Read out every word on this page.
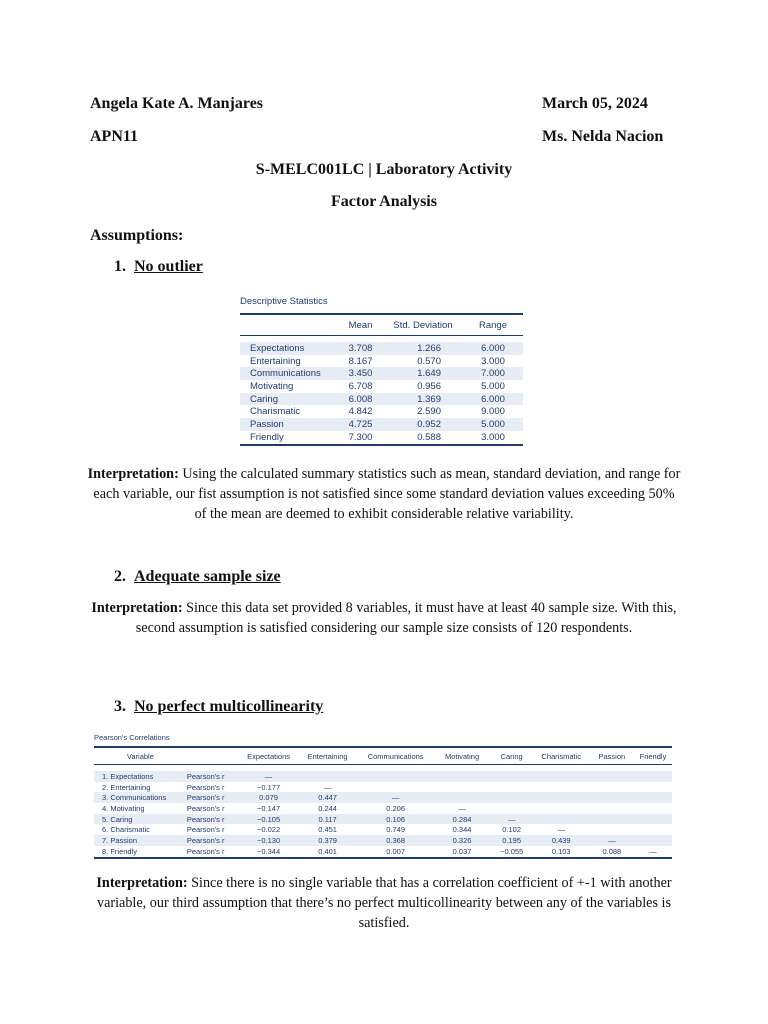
Angela Kate A. Manjares	March 05, 2024
APN11	Ms. Nelda Nacion
S-MELC001LC | Laboratory Activity
Factor Analysis
Assumptions:
1. No outlier
Descriptive Statistics
	Mean	Std. Deviation	Range

Expectations	3.708	1.266	6.000
Entertaining	8.167	0.570	3.000
Communications	3.450	1.649	7.000
Motivating	6.708	0.956	5.000
Caring	6.008	1.369	6.000
Charismatic	4.842	2.590	9.000
Passion	4.725	0.952	5.000
Friendly	7.300	0.588	3.000
Interpretation: Using the calculated summary statistics such as mean, standard deviation, and range for each variable, our fist assumption is not satisfied since some standard deviation values exceeding 50% of the mean are deemed to exhibit considerable relative variability.
2. Adequate sample size
Interpretation: Since this data set provided 8 variables, it must have at least 40 sample size. With this, second assumption is satisfied considering our sample size consists of 120 respondents.
3. No perfect multicollinearity
Pearson's Correlations
Variable		Expectations	Entertaining	Communications	Motivating	Caring	Charismatic	Passion	Friendly

1. Expectations	Pearson's r	—							
2. Entertaining	Pearson's r	−0.177	—						
3. Communications	Pearson's r	0.079	0.447	—					
4. Motivating	Pearson's r	−0.147	0.244	0.206	—				
5. Caring	Pearson's r	−0.105	0.117	0.106	0.284	—			
6. Charismatic	Pearson's r	−0.022	0.451	0.749	0.344	0.102	—		
7. Passion	Pearson's r	−0.130	0.379	0.368	0.326	0.195	0.439	—	
8. Friendly	Pearson's r	−0.344	0.401	0.007	0.037	−0.055	0.103	0.088	—
Interpretation: Since there is no single variable that has a correlation coefficient of +-1 with another variable, our third assumption that there’s no perfect multicollinearity between any of the variables is satisfied.
